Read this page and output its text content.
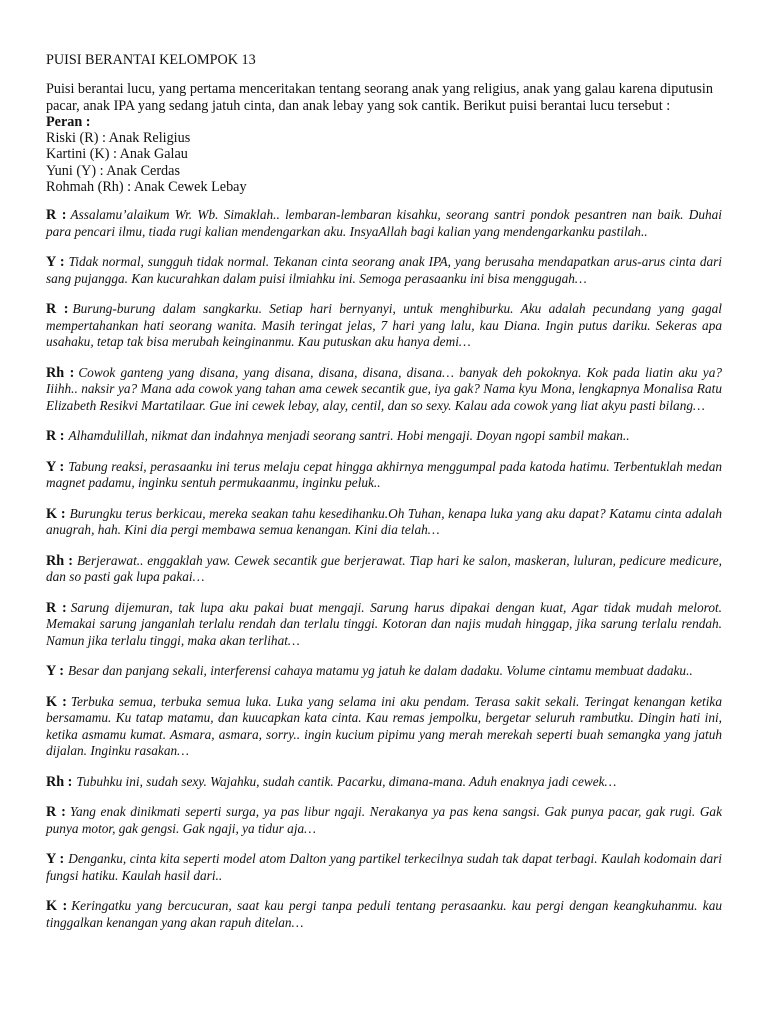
PUISI BERANTAI KELOMPOK 13

Puisi berantai lucu, yang pertama menceritakan tentang seorang anak yang religius, anak yang galau karena diputusin pacar, anak IPA yang sedang jatuh cinta, dan anak lebay yang sok cantik. Berikut puisi berantai lucu tersebut :

Peran :
Riski (R) : Anak Religius
Kartini (K) : Anak Galau
Yuni (Y) : Anak Cerdas
Rohmah (Rh) : Anak Cewek Lebay

R : Assalamu’alaikum Wr. Wb. Simaklah.. lembaran-lembaran kisahku, seorang santri pondok pesantren nan baik. Duhai para pencari ilmu, tiada rugi kalian mendengarkan aku. InsyaAllah bagi kalian yang mendengarkanku pastilah..

Y : Tidak normal, sungguh tidak normal. Tekanan cinta seorang anak IPA, yang berusaha mendapatkan arus-arus cinta dari sang pujangga. Kan kucurahkan dalam puisi ilmiahku ini. Semoga perasaanku ini bisa menggugah…

R : Burung-burung dalam sangkarku. Setiap hari bernyanyi, untuk menghiburku. Aku adalah pecundang yang gagal mempertahankan hati seorang wanita. Masih teringat jelas, 7 hari yang lalu, kau Diana. Ingin putus dariku. Sekeras apa usahaku, tetap tak bisa merubah keinginanmu. Kau putuskan aku hanya demi…

Rh : Cowok ganteng yang disana, yang disana, disana, disana, disana… banyak deh pokoknya. Kok pada liatin aku ya? Iiihh.. naksir ya? Mana ada cowok yang tahan ama cewek secantik gue, iya gak? Nama kyu Mona, lengkapnya Monalisa Ratu Elizabeth Resikvi Martatilaar. Gue ini cewek lebay, alay, centil, dan so sexy. Kalau ada cowok yang liat akyu pasti bilang…

R : Alhamdulillah, nikmat dan indahnya menjadi seorang santri. Hobi mengaji. Doyan ngopi sambil makan..

Y : Tabung reaksi, perasaanku ini terus melaju cepat hingga akhirnya menggumpal pada katoda hatimu. Terbentuklah medan magnet padamu, inginku sentuh permukaanmu, inginku peluk..

K : Burungku terus berkicau, mereka seakan tahu kesedihanku.Oh Tuhan, kenapa luka yang aku dapat? Katamu cinta adalah anugrah, hah. Kini dia pergi membawa semua kenangan. Kini dia telah…

Rh : Berjerawat.. enggaklah yaw. Cewek secantik gue berjerawat. Tiap hari ke salon, maskeran, luluran, pedicure medicure, dan so pasti gak lupa pakai…

R : Sarung dijemuran, tak lupa aku pakai buat mengaji. Sarung harus dipakai dengan kuat, Agar tidak mudah melorot. Memakai sarung janganlah terlalu rendah dan terlalu tinggi. Kotoran dan najis mudah hinggap, jika sarung terlalu rendah. Namun jika terlalu tinggi, maka akan terlihat…

Y : Besar dan panjang sekali, interferensi cahaya matamu yg jatuh ke dalam dadaku. Volume cintamu membuat dadaku..

K : Terbuka semua, terbuka semua luka. Luka yang selama ini aku pendam. Terasa sakit sekali. Teringat kenangan ketika bersamamu. Ku tatap matamu, dan kuucapkan kata cinta. Kau remas jempolku, bergetar seluruh rambutku. Dingin hati ini, ketika asmamu kumat. Asmara, asmara, sorry.. ingin kucium pipimu yang merah merekah seperti buah semangka yang jatuh dijalan. Inginku rasakan…

Rh : Tubuhku ini, sudah sexy. Wajahku, sudah cantik. Pacarku, dimana-mana. Aduh enaknya jadi cewek…

R : Yang enak dinikmati seperti surga, ya pas libur ngaji. Nerakanya ya pas kena sangsi. Gak punya pacar, gak rugi. Gak punya motor, gak gengsi. Gak ngaji, ya tidur aja…

Y : Denganku, cinta kita seperti model atom Dalton yang partikel terkecilnya sudah tak dapat terbagi. Kaulah kodomain dari fungsi hatiku. Kaulah hasil dari..

K : Keringatku yang bercucuran, saat kau pergi tanpa peduli tentang perasaanku. kau pergi dengan keangkuhanmu. kau tinggalkan kenangan yang akan rapuh ditelan…
